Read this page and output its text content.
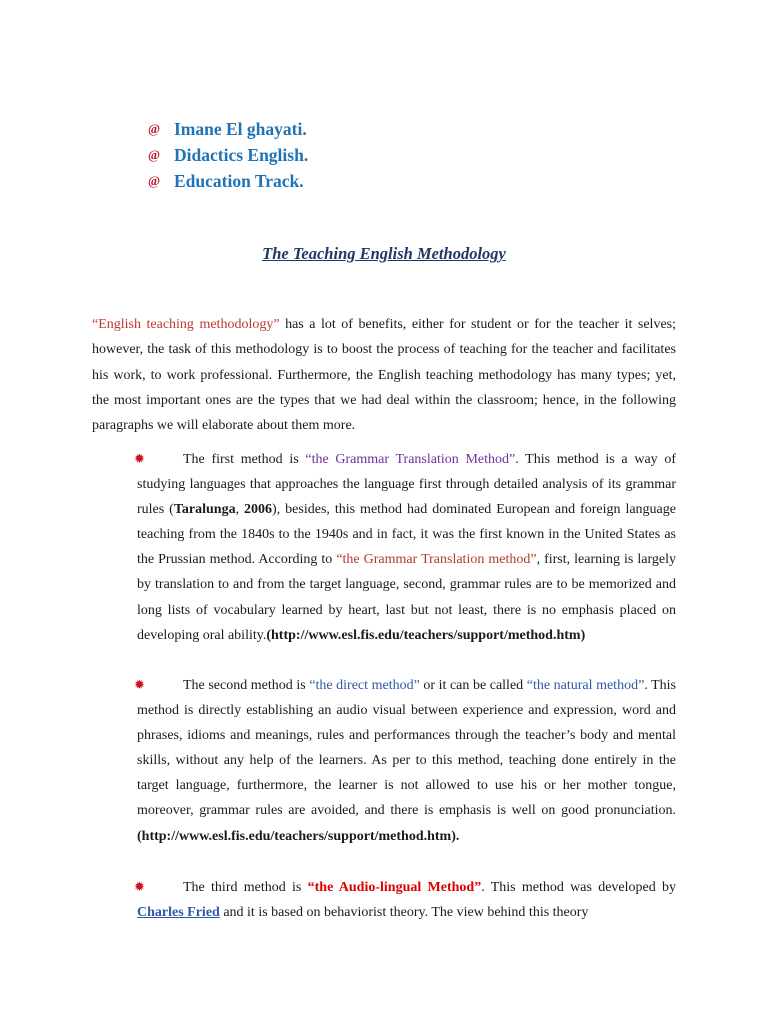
@ Imane El ghayati.
@ Didactics English.
@ Education Track.
The Teaching English Methodology

“English teaching methodology” has a lot of benefits, either for student or for the teacher it selves; however, the task of this methodology is to boost the process of teaching for the teacher and facilitates his work, to work professional. Furthermore, the English teaching methodology has many types; yet, the most important ones are the types that we had deal within the classroom; hence, in the following paragraphs we will elaborate about them more.

✹	The first method is “the Grammar Translation Method”. This method is a way of studying languages that approaches the language first through detailed analysis of its grammar rules (Taralunga, 2006), besides, this method had dominated European and foreign language teaching from the 1840s to the 1940s and in fact, it was the first known in the United States as the Prussian method. According to “the Grammar Translation method”, first, learning is largely by translation to and from the target language, second, grammar rules are to be memorized and long lists of vocabulary learned by heart, last but not least, there is no emphasis placed on developing oral ability.(http://www.esl.fis.edu/teachers/support/method.htm)

✹	The second method is “the direct method” or it can be called “the natural method”. This method is directly establishing an audio visual between experience and expression, word and phrases, idioms and meanings, rules and performances through the teacher’s body and mental skills, without any help of the learners. As per to this method, teaching done entirely in the target language, furthermore, the learner is not allowed to use his or her mother tongue, moreover, grammar rules are avoided, and there is emphasis is well on good pronunciation. (http://www.esl.fis.edu/teachers/support/method.htm).

✹	The third method is “the Audio-lingual Method”. This method was developed by Charles Fried and it is based on behaviorist theory. The view behind this theory
